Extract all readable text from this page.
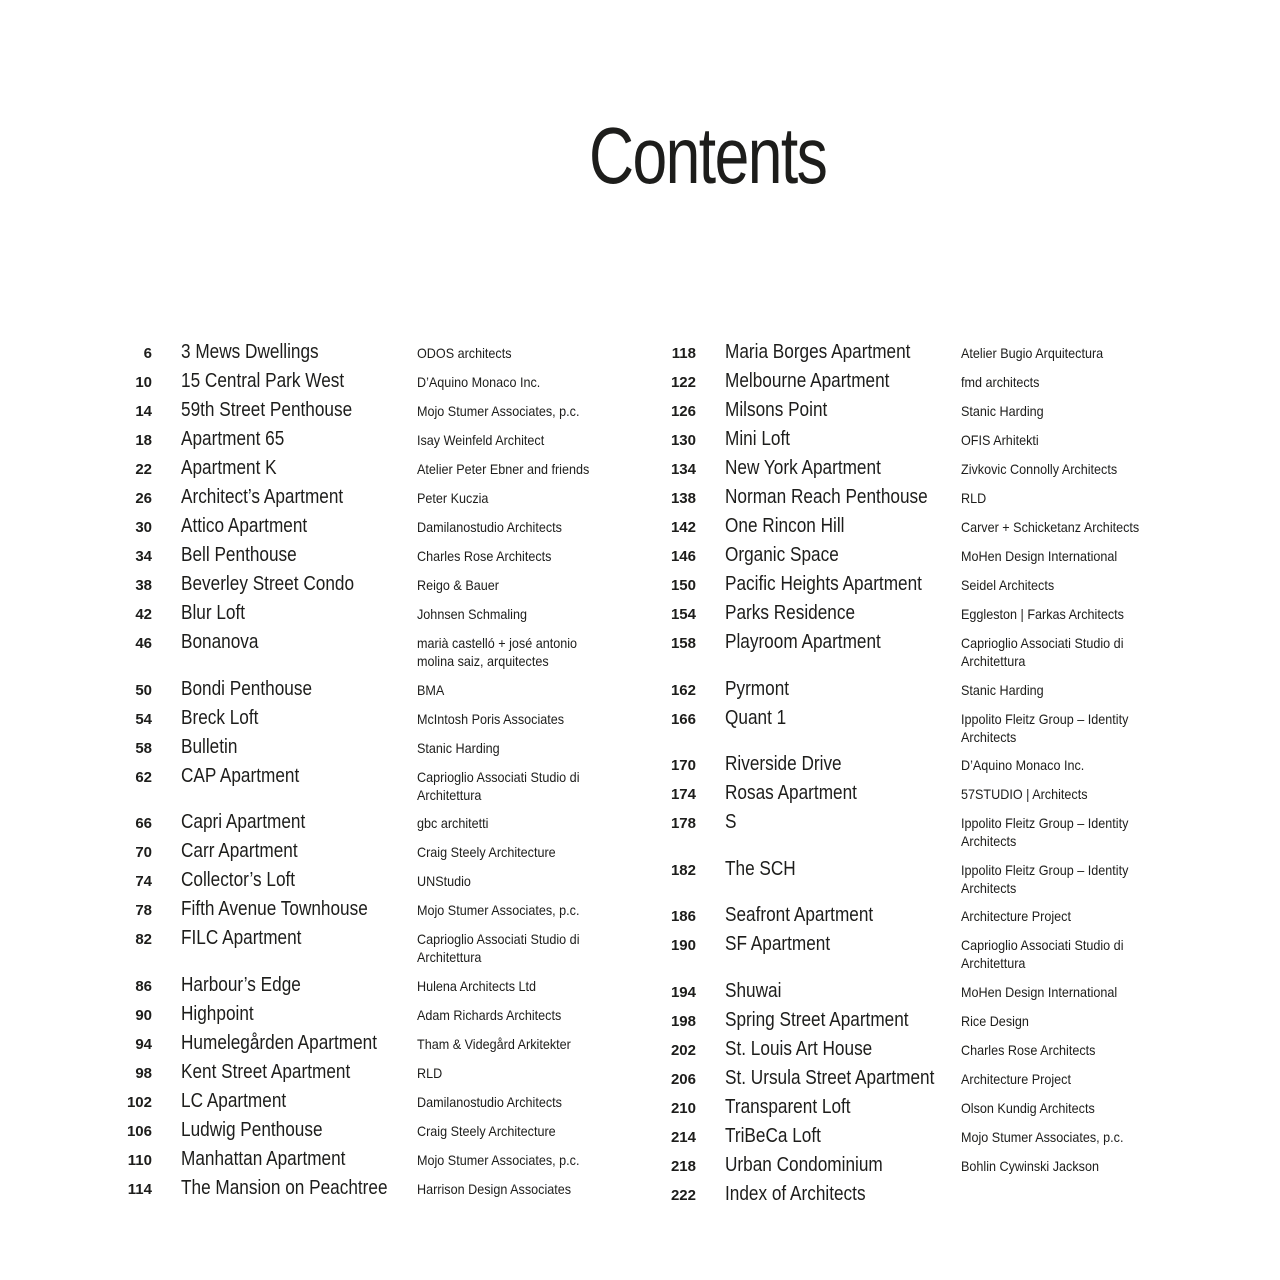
Contents
6 3 Mews Dwellings	ODOS architects
10 15 Central Park West	D’Aquino Monaco Inc.
14 59th Street Penthouse	Mojo Stumer Associates, p.c.
18 Apartment 65	Isay Weinfeld Architect
22 Apartment K	Atelier Peter Ebner and friends
26 Architect’s Apartment	Peter Kuczia
30 Attico Apartment	Damilanostudio Architects
34 Bell Penthouse	Charles Rose Architects
38 Beverley Street Condo	Reigo & Bauer
42 Blur Loft	Johnsen Schmaling
46 Bonanova	marià castelló + josé antonio molina saiz, arquitectes
50 Bondi Penthouse	BMA
54 Breck Loft	McIntosh Poris Associates
58 Bulletin	Stanic Harding
62 CAP Apartment	Caprioglio Associati Studio di Architettura
66 Capri Apartment	gbc architetti
70 Carr Apartment	Craig Steely Architecture
74 Collector’s Loft	UNStudio
78 Fifth Avenue Townhouse	Mojo Stumer Associates, p.c.
82 FILC Apartment	Caprioglio Associati Studio di Architettura
86 Harbour’s Edge	Hulena Architects Ltd
90 Highpoint	Adam Richards Architects
94 Humelegården Apartment	Tham & Videgård Arkitekter
98 Kent Street Apartment	RLD
102 LC Apartment	Damilanostudio Architects
106 Ludwig Penthouse	Craig Steely Architecture
110 Manhattan Apartment	Mojo Stumer Associates, p.c.
114 The Mansion on Peachtree	Harrison Design Associates
118 Maria Borges Apartment	Atelier Bugio Arquitectura
122 Melbourne Apartment	fmd architects
126 Milsons Point	Stanic Harding
130 Mini Loft	OFIS Arhitekti
134 New York Apartment	Zivkovic Connolly Architects
138 Norman Reach Penthouse	RLD
142 One Rincon Hill	Carver + Schicketanz Architects
146 Organic Space	MoHen Design International
150 Pacific Heights Apartment	Seidel Architects
154 Parks Residence	Eggleston | Farkas Architects
158 Playroom Apartment	Caprioglio Associati Studio di Architettura
162 Pyrmont	Stanic Harding
166 Quant 1	Ippolito Fleitz Group – Identity Architects
170 Riverside Drive	D’Aquino Monaco Inc.
174 Rosas Apartment	57STUDIO | Architects
178 S	Ippolito Fleitz Group – Identity Architects
182 The SCH	Ippolito Fleitz Group – Identity Architects
186 Seafront Apartment	Architecture Project
190 SF Apartment	Caprioglio Associati Studio di Architettura
194 Shuwai	MoHen Design International
198 Spring Street Apartment	Rice Design
202 St. Louis Art House	Charles Rose Architects
206 St. Ursula Street Apartment	Architecture Project
210 Transparent Loft	Olson Kundig Architects
214 TriBeCa Loft	Mojo Stumer Associates, p.c.
218 Urban Condominium	Bohlin Cywinski Jackson
222 Index of Architects
